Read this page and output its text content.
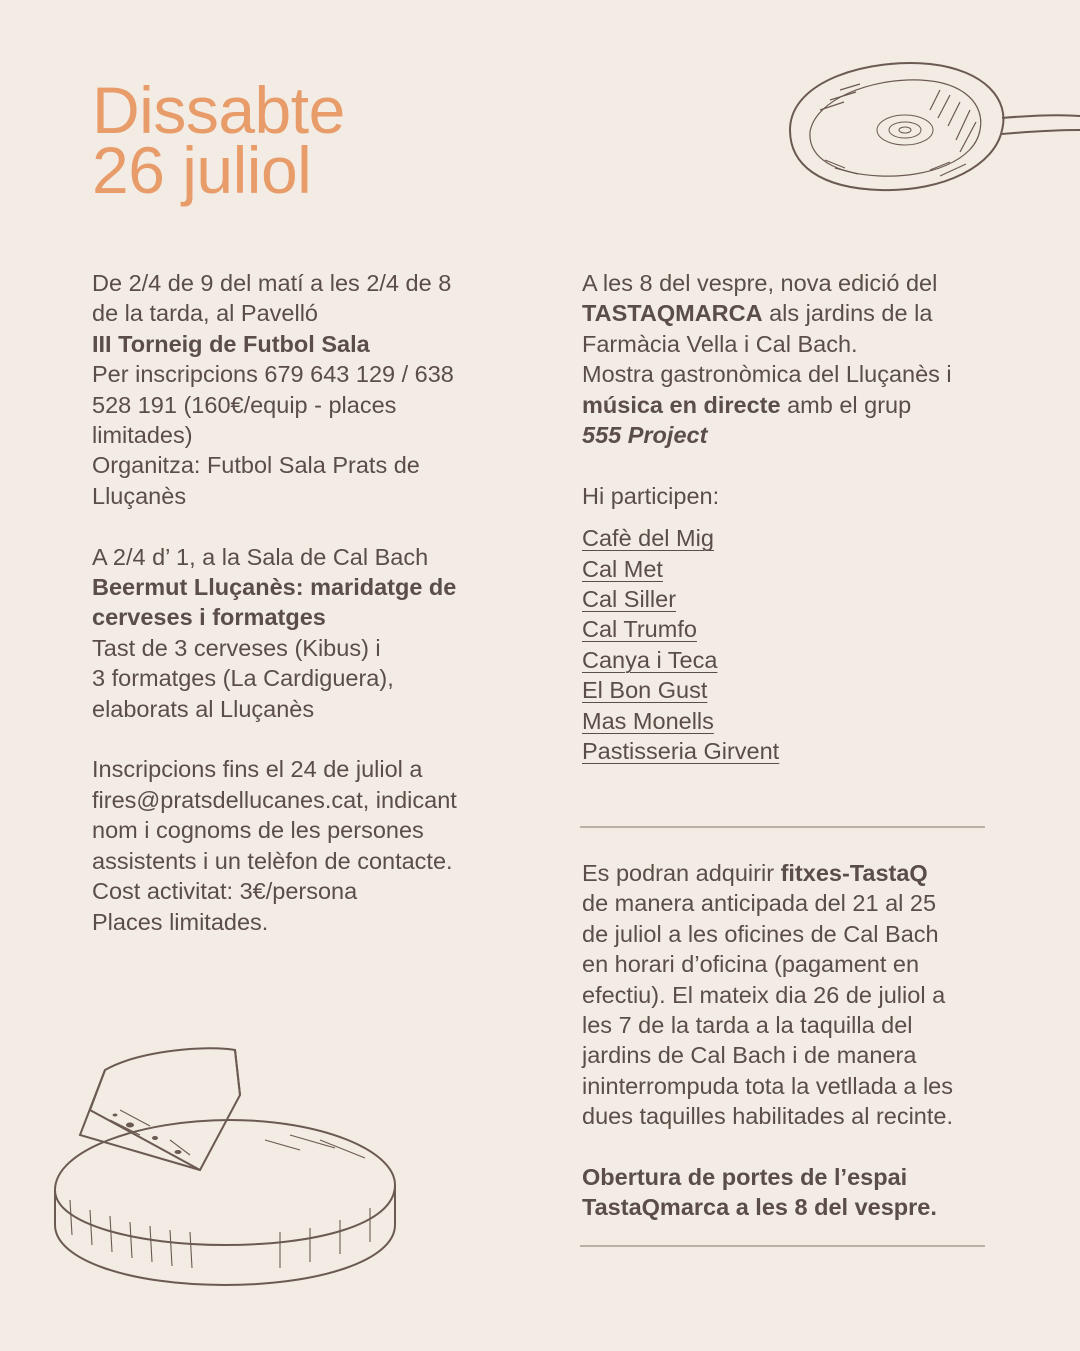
Dissabte
26 juliol
De 2/4 de 9 del matí a les 2/4 de 8
de la tarda, al Pavelló
III Torneig de Futbol Sala
Per inscripcions 679 643 129 / 638
528 191 (160€/equip - places
limitades)
Organitza: Futbol Sala Prats de
Lluçanès
A 2/4 d’ 1, a la Sala de Cal Bach
Beermut Lluçanès: maridatge de
cerveses i formatges
Tast de 3 cerveses (Kibus) i
3 formatges (La Cardiguera),
elaborats al Lluçanès
Inscripcions fins el 24 de juliol a
fires@pratsdellucanes.cat, indicant
nom i cognoms de les persones
assistents i un telèfon de contacte.
Cost activitat: 3€/persona
Places limitades.
A les 8 del vespre, nova edició del
TASTAQMARCA als jardins de la
Farmàcia Vella i Cal Bach.
Mostra gastronòmica del Lluçanès i
música en directe amb el grup
555 Project
Hi participen:
Cafè del Mig
Cal Met
Cal Siller
Cal Trumfo
Canya i Teca
El Bon Gust
Mas Monells
Pastisseria Girvent
Es podran adquirir fitxes-TastaQ
de manera anticipada del 21 al 25
de juliol a les oficines de Cal Bach
en horari d’oficina (pagament en
efectiu). El mateix dia 26 de juliol a
les 7 de la tarda a la taquilla del
jardins de Cal Bach i de manera
ininterrompuda tota la vetllada a les
dues taquilles habilitades al recinte.
Obertura de portes de l’espai
TastaQmarca a les 8 del vespre.
